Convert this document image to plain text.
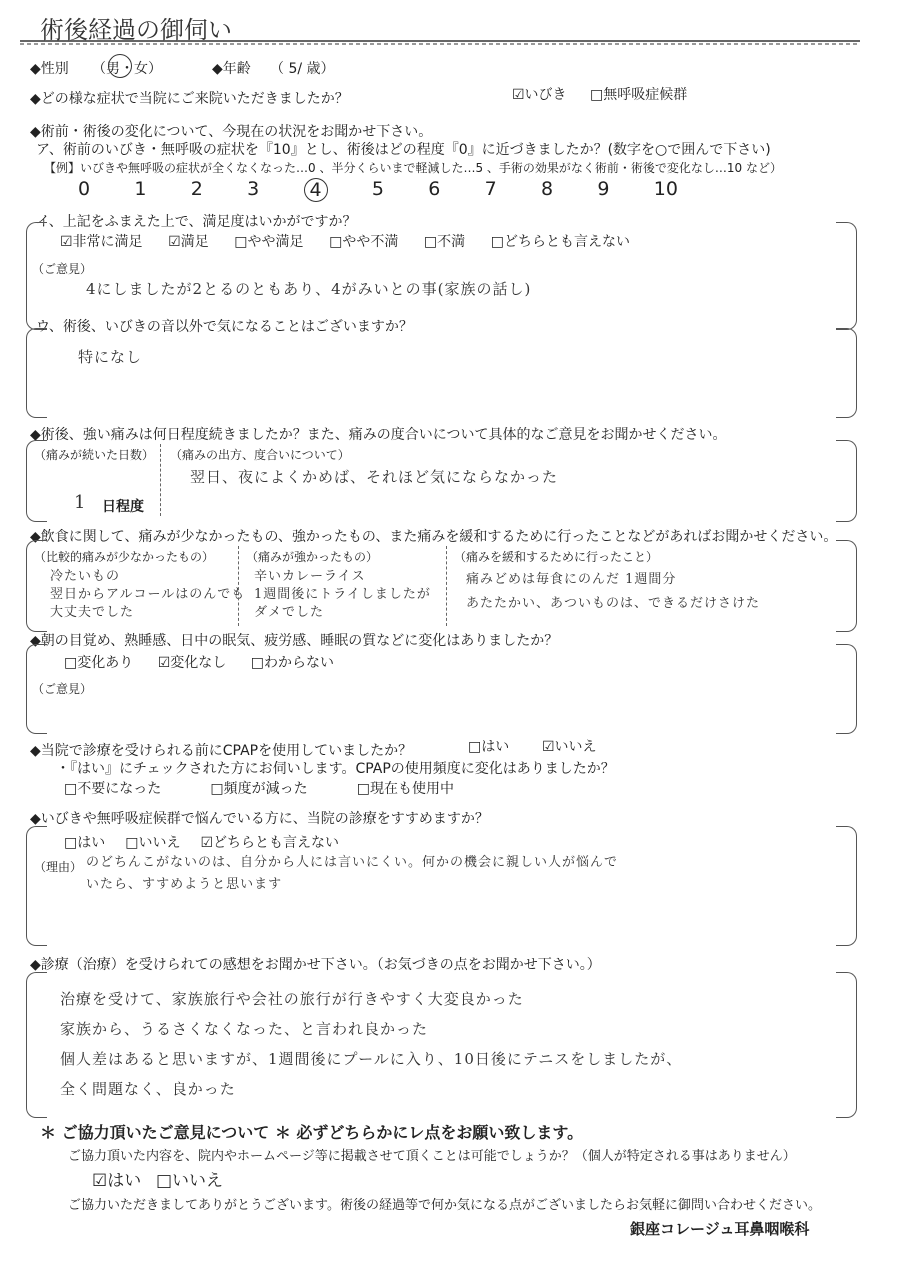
術後経過の御伺い
◆性別 （男・女）	◆年齢 （ 5/ 歳）
◆どの様な症状で当院にご来院いただきましたか？	☑いびき □無呼吸症候群
◆術前・術後の変化について、今現在の状況をお聞かせ下さい。
ア、術前のいびき・無呼吸の症状を『10』とし、術後はどの程度『0』に近づきましたか？(数字を○で囲んで下さい)
【例】いびきや無呼吸の症状が全くなくなった…0 、半分くらいまで軽減した…5 、手術の効果がなく術前・術後で変化なし…10 など）
0 1 2 3	4	5 6 7 8 9 10
イ、上記をふまえた上で、満足度はいかがですか？
☑非常に満足 ☑満足 □やや満足 □やや不満 □不満 □どちらとも言えない
（ご意見）
4にしましたが2とるのともあり、4がみいとの事(家族の話し)
ウ、術後、いびきの音以外で気になることはございますか？
特になし
◆術後、強い痛みは何日程度続きましたか？また、痛みの度合いについて具体的なご意見をお聞かせください。
（痛みが続いた日数）
1 日程度
（痛みの出方、度合いについて）
翌日、夜によくかめば、それほど気にならなかった
◆飲食に関して、痛みが少なかったもの、強かったもの、また痛みを緩和するために行ったことなどがあればお聞かせください。
（比較的痛みが少なかったもの）
冷たいもの
翌日からアルコールはのんでも
大丈夫でした
（痛みが強かったもの）
辛いカレーライス
1週間後にトライしましたが
ダメでした
（痛みを緩和するために行ったこと）
痛みどめは毎食にのんだ 1週間分
あたたかい、あついものは、できるだけさけた
◆朝の目覚め、熟睡感、日中の眠気、疲労感、睡眠の質などに変化はありましたか？
□変化あり ☑変化なし □わからない
（ご意見）
◆当院で診療を受けられる前にCPAPを使用していましたか？	□はい ☑いいえ
・『はい』にチェックされた方にお伺いします。CPAPの使用頻度に変化はありましたか？
□不要になった	□頻度が減った	□現在も使用中
◆いびきや無呼吸症候群で悩んでいる方に、当院の診療をすすめますか？
□はい □いいえ ☑どちらとも言えない
（理由） のどちんこがないのは、自分から人には言いにくい。何かの機会に親しい人が悩んで
いたら、すすめようと思います
◆診療（治療）を受けられての感想をお聞かせ下さい。（お気づきの点をお聞かせ下さい。）
治療を受けて、家族旅行や会社の旅行が行きやすく大変良かった
家族から、うるさくなくなった、と言われ良かった
個人差はあると思いますが、1週間後にプールに入り、10日後にテニスをしましたが、
全く問題なく、良かった
＊ ご協力頂いたご意見について ＊ 必ずどちらかにレ点をお願い致します。
ご協力頂いた内容を、院内やホームページ等に掲載させて頂くことは可能でしょうか？（個人が特定される事はありません）
☑はい □いいえ
ご協力いただきましてありがとうございます。術後の経過等で何か気になる点がございましたらお気軽に御問い合わせください。
銀座コレージュ耳鼻咽喉科
